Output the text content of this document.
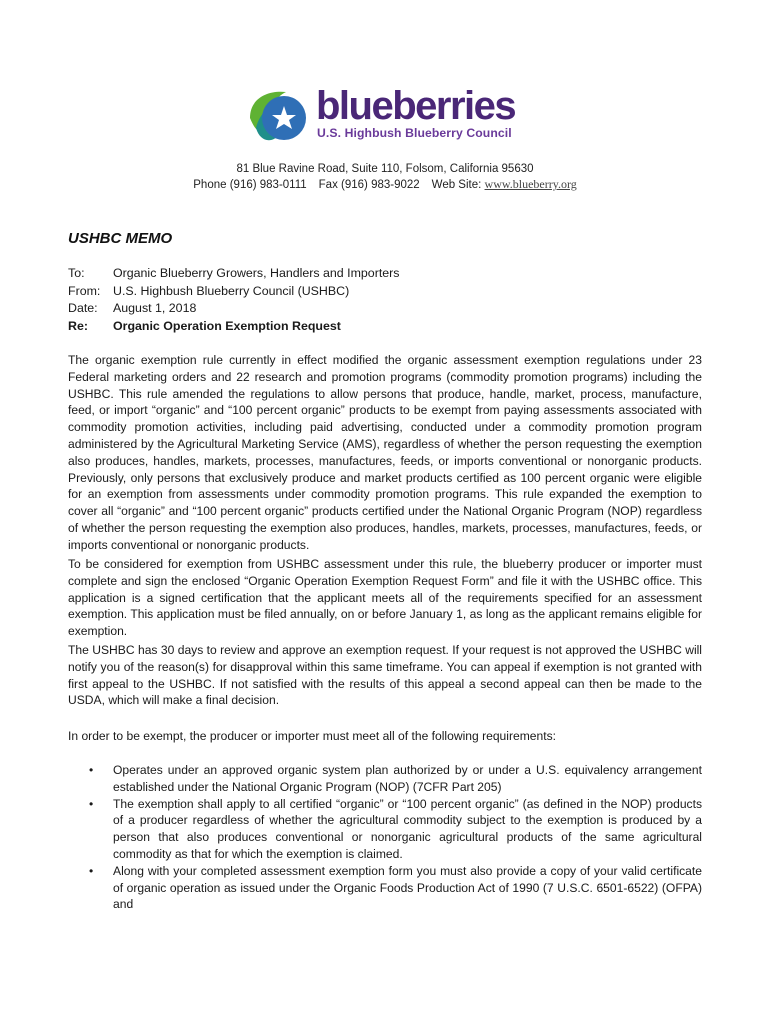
blueberries
U.S. Highbush Blueberry Council
81 Blue Ravine Road, Suite 110, Folsom, California 95630
Phone (916) 983-0111 Fax (916) 983-9022 Web Site: www.blueberry.org
USHBC MEMO
To:	Organic Blueberry Growers, Handlers and Importers
From:	U.S. Highbush Blueberry Council (USHBC)
Date:	August 1, 2018
Re:	Organic Operation Exemption Request
The organic exemption rule currently in effect modified the organic assessment exemption regulations under 23 Federal marketing orders and 22 research and promotion programs (commodity promotion programs) including the USHBC. This rule amended the regulations to allow persons that produce, handle, market, process, manufacture, feed, or import “organic” and “100 percent organic” products to be exempt from paying assessments associated with commodity promotion activities, including paid advertising, conducted under a commodity promotion program administered by the Agricultural Marketing Service (AMS), regardless of whether the person requesting the exemption also produces, handles, markets, processes, manufactures, feeds, or imports conventional or nonorganic products. Previously, only persons that exclusively produce and market products certified as 100 percent organic were eligible for an exemption from assessments under commodity promotion programs. This rule expanded the exemption to cover all “organic” and “100 percent organic” products certified under the National Organic Program (NOP) regardless of whether the person requesting the exemption also produces, handles, markets, processes, manufactures, feeds, or imports conventional or nonorganic products.
To be considered for exemption from USHBC assessment under this rule, the blueberry producer or importer must complete and sign the enclosed “Organic Operation Exemption Request Form” and file it with the USHBC office. This application is a signed certification that the applicant meets all of the requirements specified for an assessment exemption. This application must be filed annually, on or before January 1, as long as the applicant remains eligible for exemption.
The USHBC has 30 days to review and approve an exemption request. If your request is not approved the USHBC will notify you of the reason(s) for disapproval within this same timeframe. You can appeal if exemption is not granted with first appeal to the USHBC. If not satisfied with the results of this appeal a second appeal can then be made to the USDA, which will make a final decision.
In order to be exempt, the producer or importer must meet all of the following requirements:
• Operates under an approved organic system plan authorized by or under a U.S. equivalency arrangement established under the National Organic Program (NOP) (7CFR Part 205)
• The exemption shall apply to all certified “organic” or “100 percent organic” (as defined in the NOP) products of a producer regardless of whether the agricultural commodity subject to the exemption is produced by a person that also produces conventional or nonorganic agricultural products of the same agricultural commodity as that for which the exemption is claimed.
• Along with your completed assessment exemption form you must also provide a copy of your valid certificate of organic operation as issued under the Organic Foods Production Act of 1990 (7 U.S.C. 6501-6522) (OFPA) and
